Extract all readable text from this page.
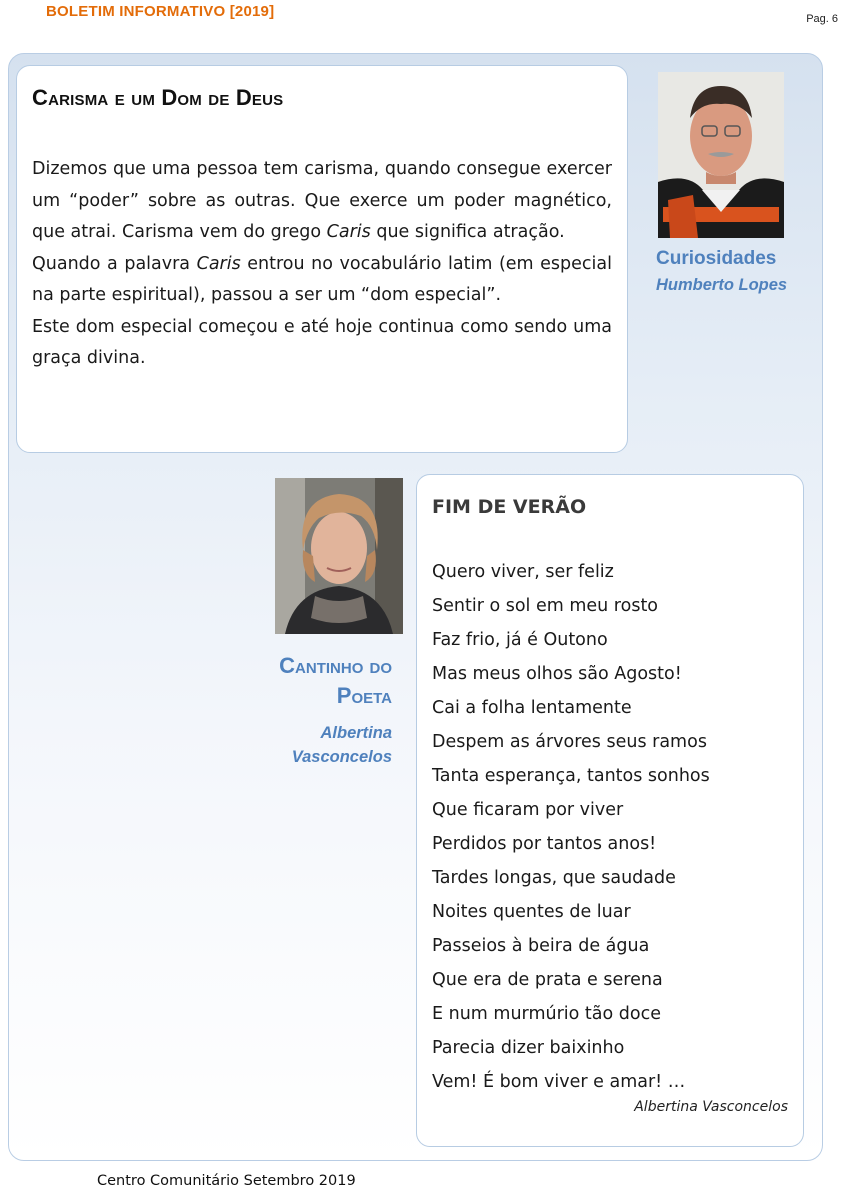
BOLETIM INFORMATIVO [2019]	Pag. 6
Carisma e um Dom de Deus

Dizemos que uma pessoa tem carisma, quando consegue exercer um “poder” sobre as outras. Que exerce um poder magnético, que atrai. Carisma vem do grego Caris que significa atração.

Quando a palavra Caris entrou no vocabulário latim (em especial na parte espiritual), passou a ser um “dom especial”.

Este dom especial começou e até hoje continua como sendo uma graça divina.

Curiosidades
Humberto Lopes
Cantinho do
Poeta
Albertina
Vasconcelos
FIM DE VERÃO
Quero viver, ser feliz
Sentir o sol em meu rosto
Faz frio, já é Outono
Mas meus olhos são Agosto!
Cai a folha lentamente
Despem as árvores seus ramos
Tanta esperança, tantos sonhos
Que ficaram por viver
Perdidos por tantos anos!
Tardes longas, que saudade
Noites quentes de luar
Passeios à beira de água
Que era de prata e serena
E num murmúrio tão doce
Parecia dizer baixinho
Vem! É bom viver e amar! …
Albertina Vasconcelos
Centro Comunitário Setembro 2019
